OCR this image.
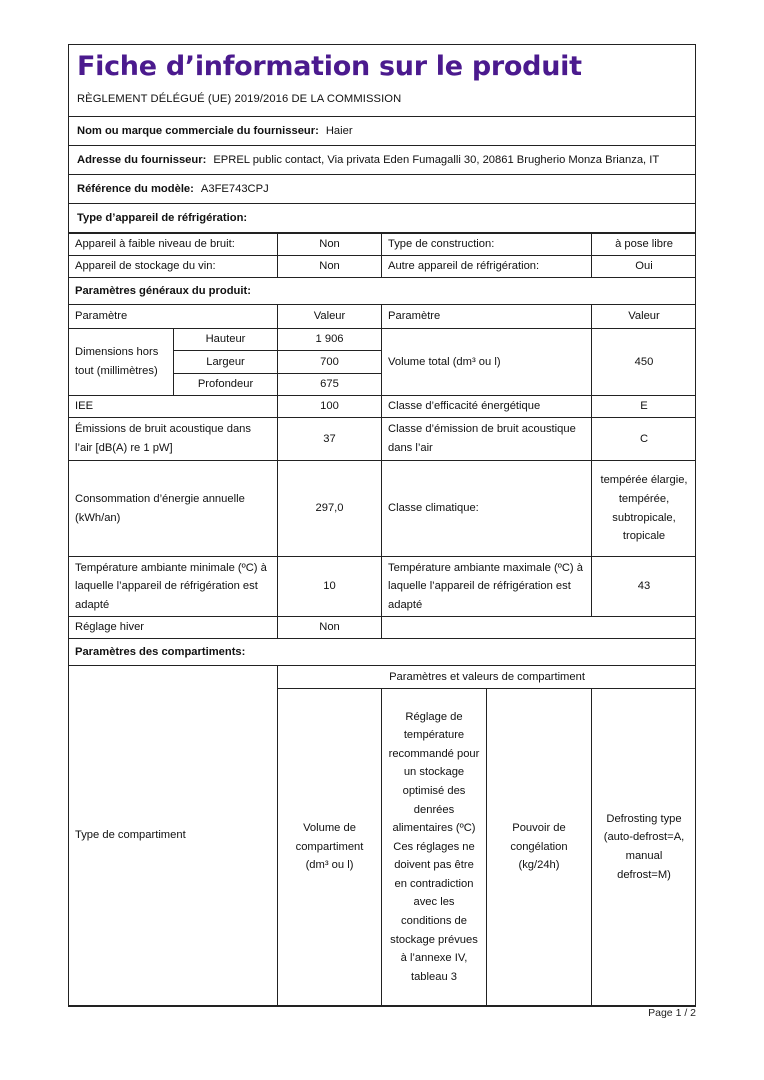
Fiche d’information sur le produit
RÈGLEMENT DÉLÉGUÉ (UE) 2019/2016 DE LA COMMISSION
Nom ou marque commerciale du fournisseur: Haier
Adresse du fournisseur: EPREL public contact, Via privata Eden Fumagalli 30, 20861 Brugherio Monza Brianza, IT
Référence du modèle: A3FE743CPJ
Type d’appareil de réfrigération:
Appareil à faible niveau de bruit:	Non	Type de construction:	à pose libre
Appareil de stockage du vin:	Non	Autre appareil de réfrigération:	Oui
Paramètres généraux du produit:			
Paramètre		Valeur	Paramètre	Valeur
Dimensions hors tout (millimètres)	Hauteur	1 906	Volume total (dm³ ou l)	450
	Largeur	700		
	Profondeur	675		
IEE		100	Classe d’efficacité énergétique	E
Émissions de bruit acoustique dans l’air [dB(A) re 1 pW]		37	Classe d’émission de bruit acoustique dans l’air	C
Consommation d’énergie annuelle (kWh/an)		297,0	Classe climatique:	tempérée élargie, tempérée, subtropicale, tropicale
Température ambiante minimale (ºC) à laquelle l’appareil de réfrigération est adapté		10	Température ambiante maximale (ºC) à laquelle l’appareil de réfrigération est adapté	43
Réglage hiver		Non		
Paramètres des compartiments:				
Type de compartiment	Paramètres et valeurs de compartiment			
	Volume de compartiment (dm³ ou l)	Réglage de température recommandé pour un stockage optimisé des denrées alimentaires (ºC) Ces réglages ne doivent pas être en contradiction avec les conditions de stockage prévues à l’annexe IV, tableau 3	Pouvoir de congélation (kg/24h)	Defrosting type (auto-defrost=A, manual defrost=M)
Page 1 / 2
